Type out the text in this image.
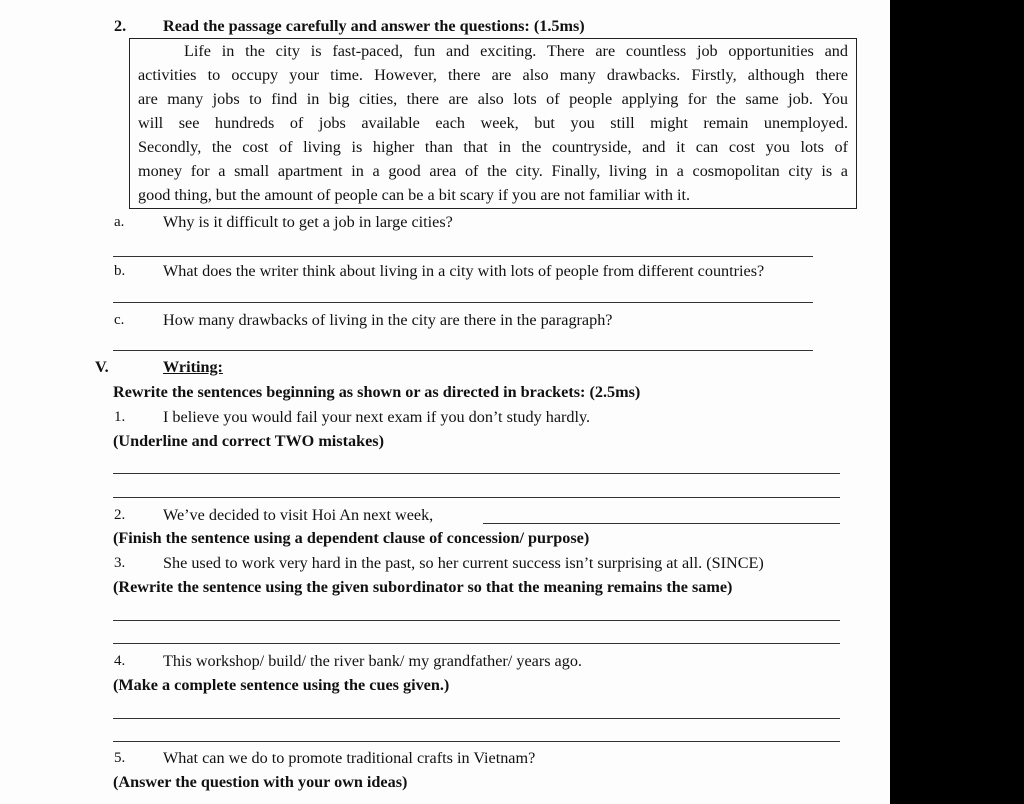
2. Read the passage carefully and answer the questions: (1.5ms)
Life in the city is fast-paced, fun and exciting. There are countless job opportunities and
activities to occupy your time. However, there are also many drawbacks. Firstly, although there
are many jobs to find in big cities, there are also lots of people applying for the same job. You
will see hundreds of jobs available each week, but you still might remain unemployed.
Secondly, the cost of living is higher than that in the countryside, and it can cost you lots of
money for a small apartment in a good area of the city. Finally, living in a cosmopolitan city is a
good thing, but the amount of people can be a bit scary if you are not familiar with it.
a. Why is it difficult to get a job in large cities?
b. What does the writer think about living in a city with lots of people from different countries?
c. How many drawbacks of living in the city are there in the paragraph?
V.	Writing:
Rewrite the sentences beginning as shown or as directed in brackets: (2.5ms)
1. I believe you would fail your next exam if you don’t study hardly.
(Underline and correct TWO mistakes)
2. We’ve decided to visit Hoi An next week,
(Finish the sentence using a dependent clause of concession/ purpose)
3. She used to work very hard in the past, so her current success isn’t surprising at all. (SINCE)
(Rewrite the sentence using the given subordinator so that the meaning remains the same)
4. This workshop/ build/ the river bank/ my grandfather/ years ago.
(Make a complete sentence using the cues given.)
5. What can we do to promote traditional crafts in Vietnam?
(Answer the question with your own ideas)
